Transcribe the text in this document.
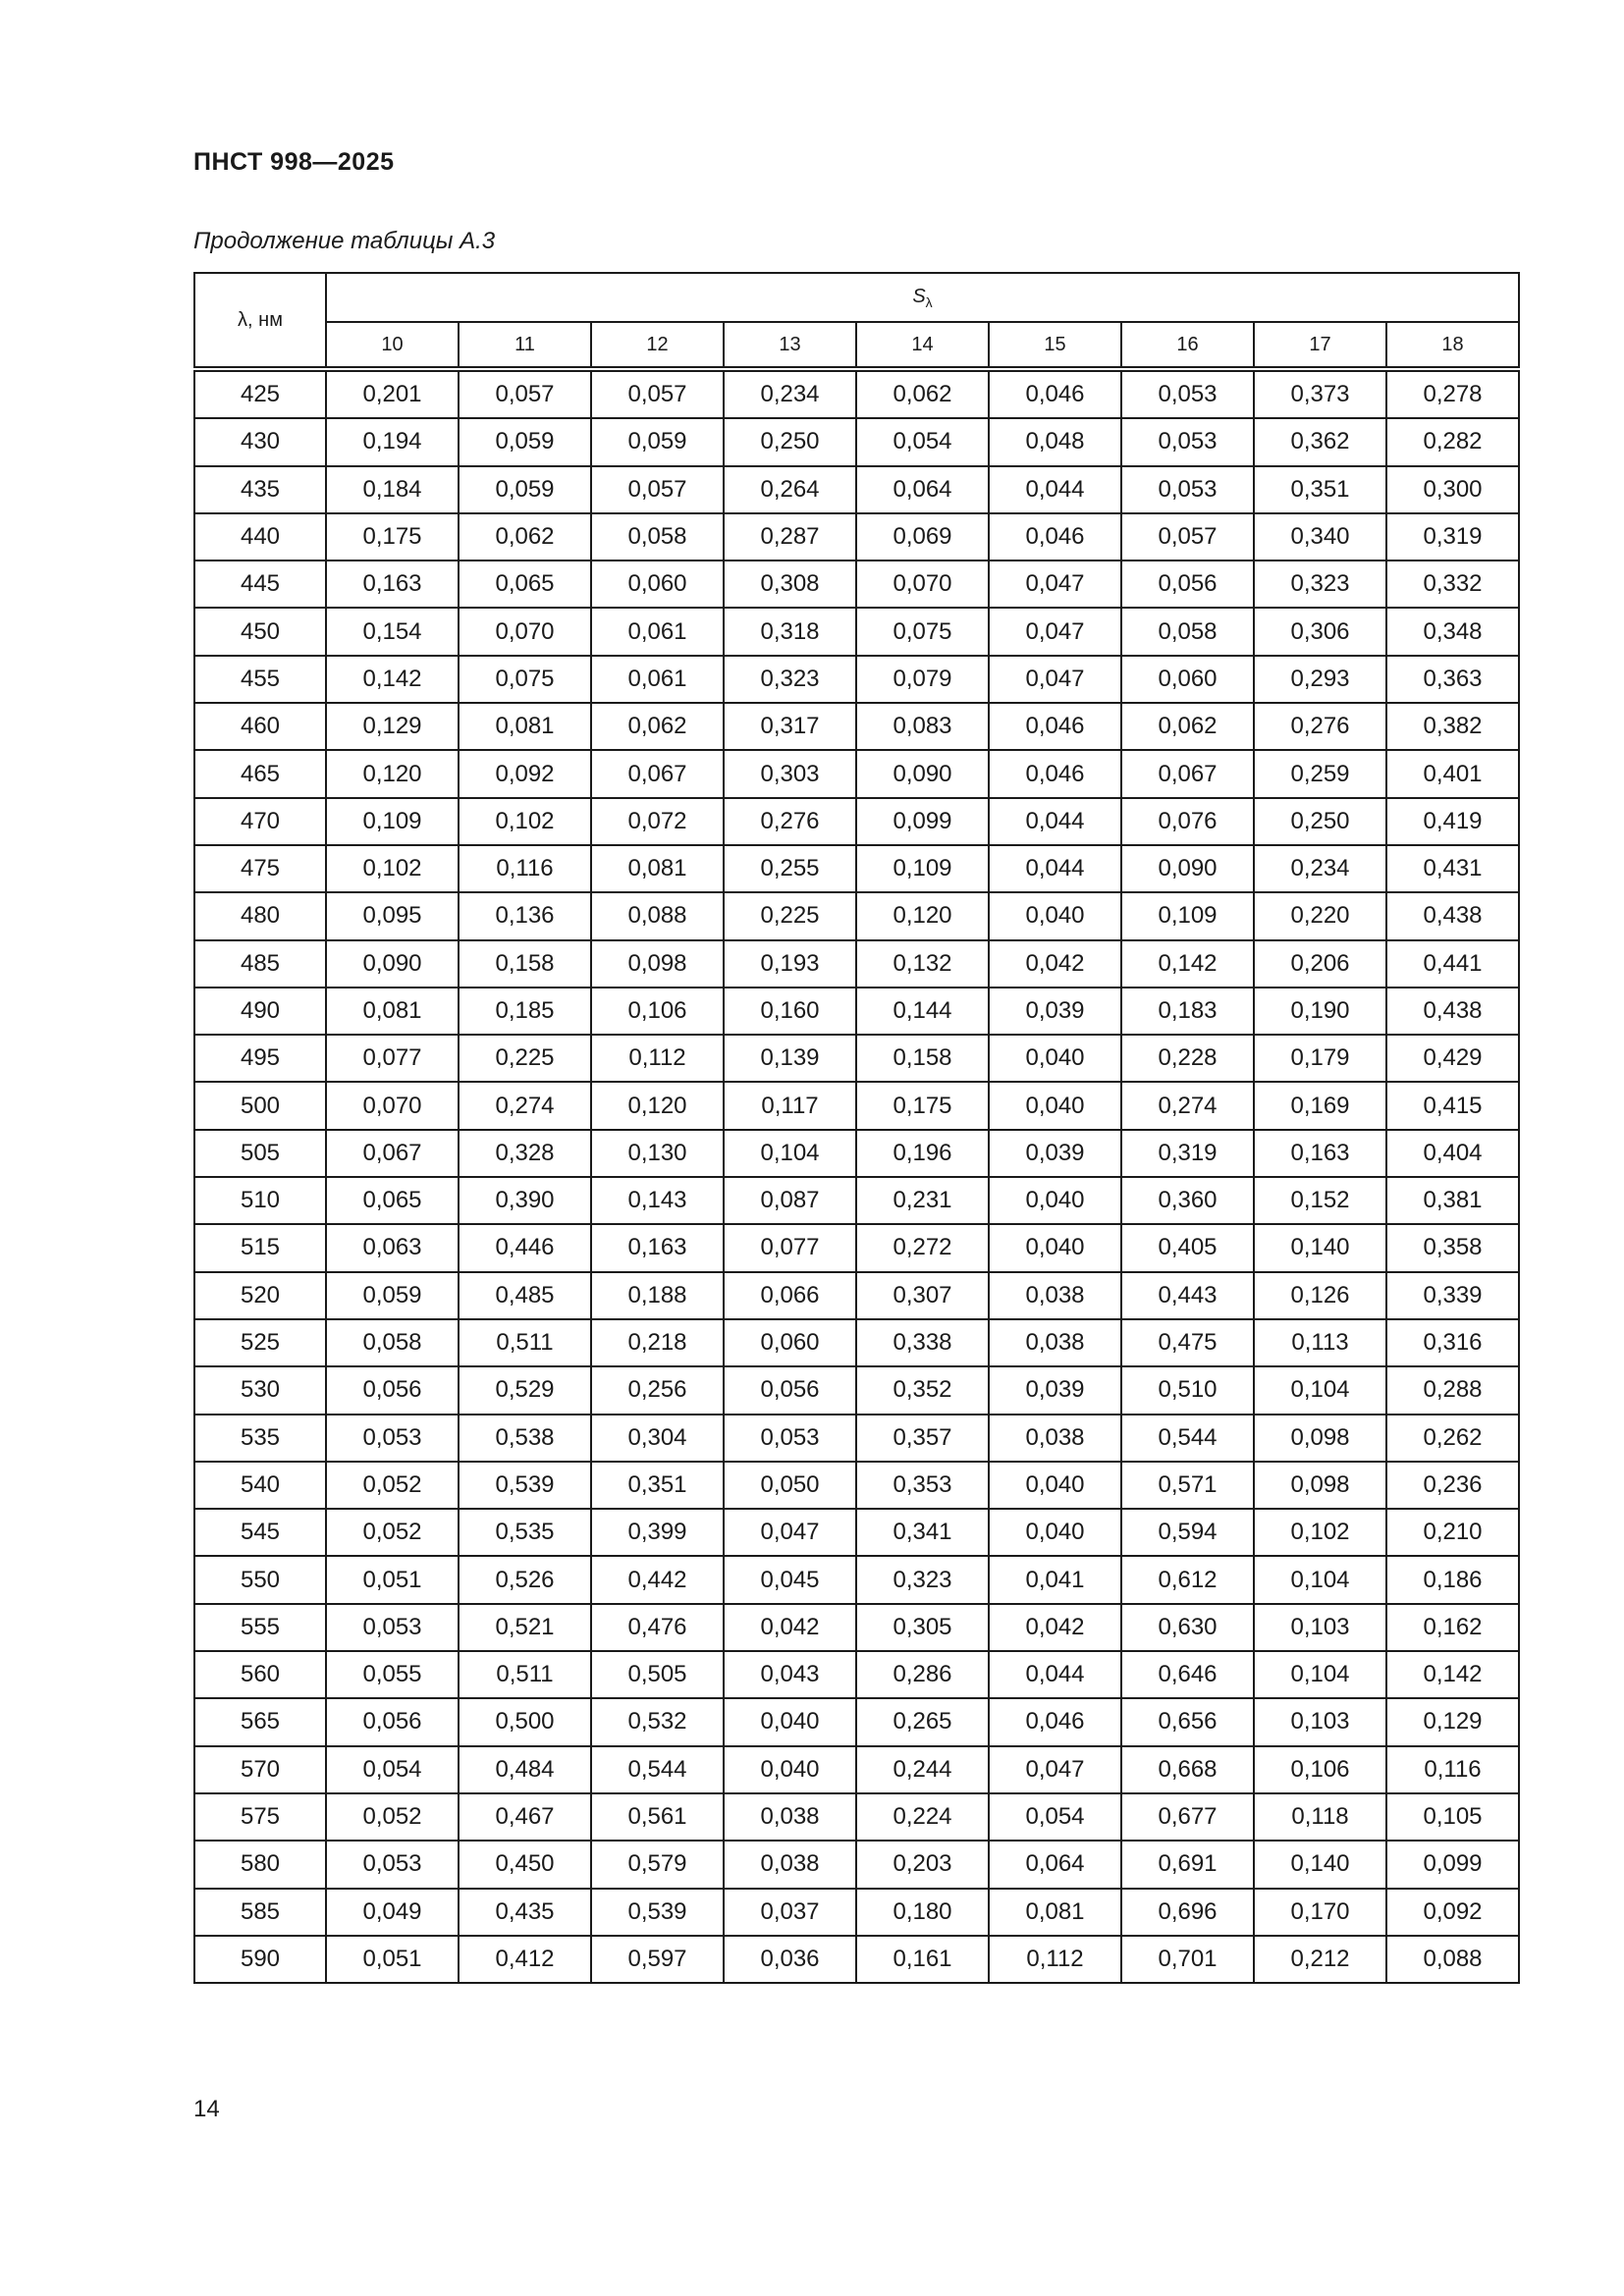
ПНСТ 998—2025
Продолжение таблицы А.3
λ, нм	$S_\lambda$
	10	11	12	13	14	15	16	17	18
425	0,201	0,057	0,057	0,234	0,062	0,046	0,053	0,373	0,278
430	0,194	0,059	0,059	0,250	0,054	0,048	0,053	0,362	0,282
435	0,184	0,059	0,057	0,264	0,064	0,044	0,053	0,351	0,300
440	0,175	0,062	0,058	0,287	0,069	0,046	0,057	0,340	0,319
445	0,163	0,065	0,060	0,308	0,070	0,047	0,056	0,323	0,332
450	0,154	0,070	0,061	0,318	0,075	0,047	0,058	0,306	0,348
455	0,142	0,075	0,061	0,323	0,079	0,047	0,060	0,293	0,363
460	0,129	0,081	0,062	0,317	0,083	0,046	0,062	0,276	0,382
465	0,120	0,092	0,067	0,303	0,090	0,046	0,067	0,259	0,401
470	0,109	0,102	0,072	0,276	0,099	0,044	0,076	0,250	0,419
475	0,102	0,116	0,081	0,255	0,109	0,044	0,090	0,234	0,431
480	0,095	0,136	0,088	0,225	0,120	0,040	0,109	0,220	0,438
485	0,090	0,158	0,098	0,193	0,132	0,042	0,142	0,206	0,441
490	0,081	0,185	0,106	0,160	0,144	0,039	0,183	0,190	0,438
495	0,077	0,225	0,112	0,139	0,158	0,040	0,228	0,179	0,429
500	0,070	0,274	0,120	0,117	0,175	0,040	0,274	0,169	0,415
505	0,067	0,328	0,130	0,104	0,196	0,039	0,319	0,163	0,404
510	0,065	0,390	0,143	0,087	0,231	0,040	0,360	0,152	0,381
515	0,063	0,446	0,163	0,077	0,272	0,040	0,405	0,140	0,358
520	0,059	0,485	0,188	0,066	0,307	0,038	0,443	0,126	0,339
525	0,058	0,511	0,218	0,060	0,338	0,038	0,475	0,113	0,316
530	0,056	0,529	0,256	0,056	0,352	0,039	0,510	0,104	0,288
535	0,053	0,538	0,304	0,053	0,357	0,038	0,544	0,098	0,262
540	0,052	0,539	0,351	0,050	0,353	0,040	0,571	0,098	0,236
545	0,052	0,535	0,399	0,047	0,341	0,040	0,594	0,102	0,210
550	0,051	0,526	0,442	0,045	0,323	0,041	0,612	0,104	0,186
555	0,053	0,521	0,476	0,042	0,305	0,042	0,630	0,103	0,162
560	0,055	0,511	0,505	0,043	0,286	0,044	0,646	0,104	0,142
565	0,056	0,500	0,532	0,040	0,265	0,046	0,656	0,103	0,129
570	0,054	0,484	0,544	0,040	0,244	0,047	0,668	0,106	0,116
575	0,052	0,467	0,561	0,038	0,224	0,054	0,677	0,118	0,105
580	0,053	0,450	0,579	0,038	0,203	0,064	0,691	0,140	0,099
585	0,049	0,435	0,539	0,037	0,180	0,081	0,696	0,170	0,092
590	0,051	0,412	0,597	0,036	0,161	0,112	0,701	0,212	0,088
14
